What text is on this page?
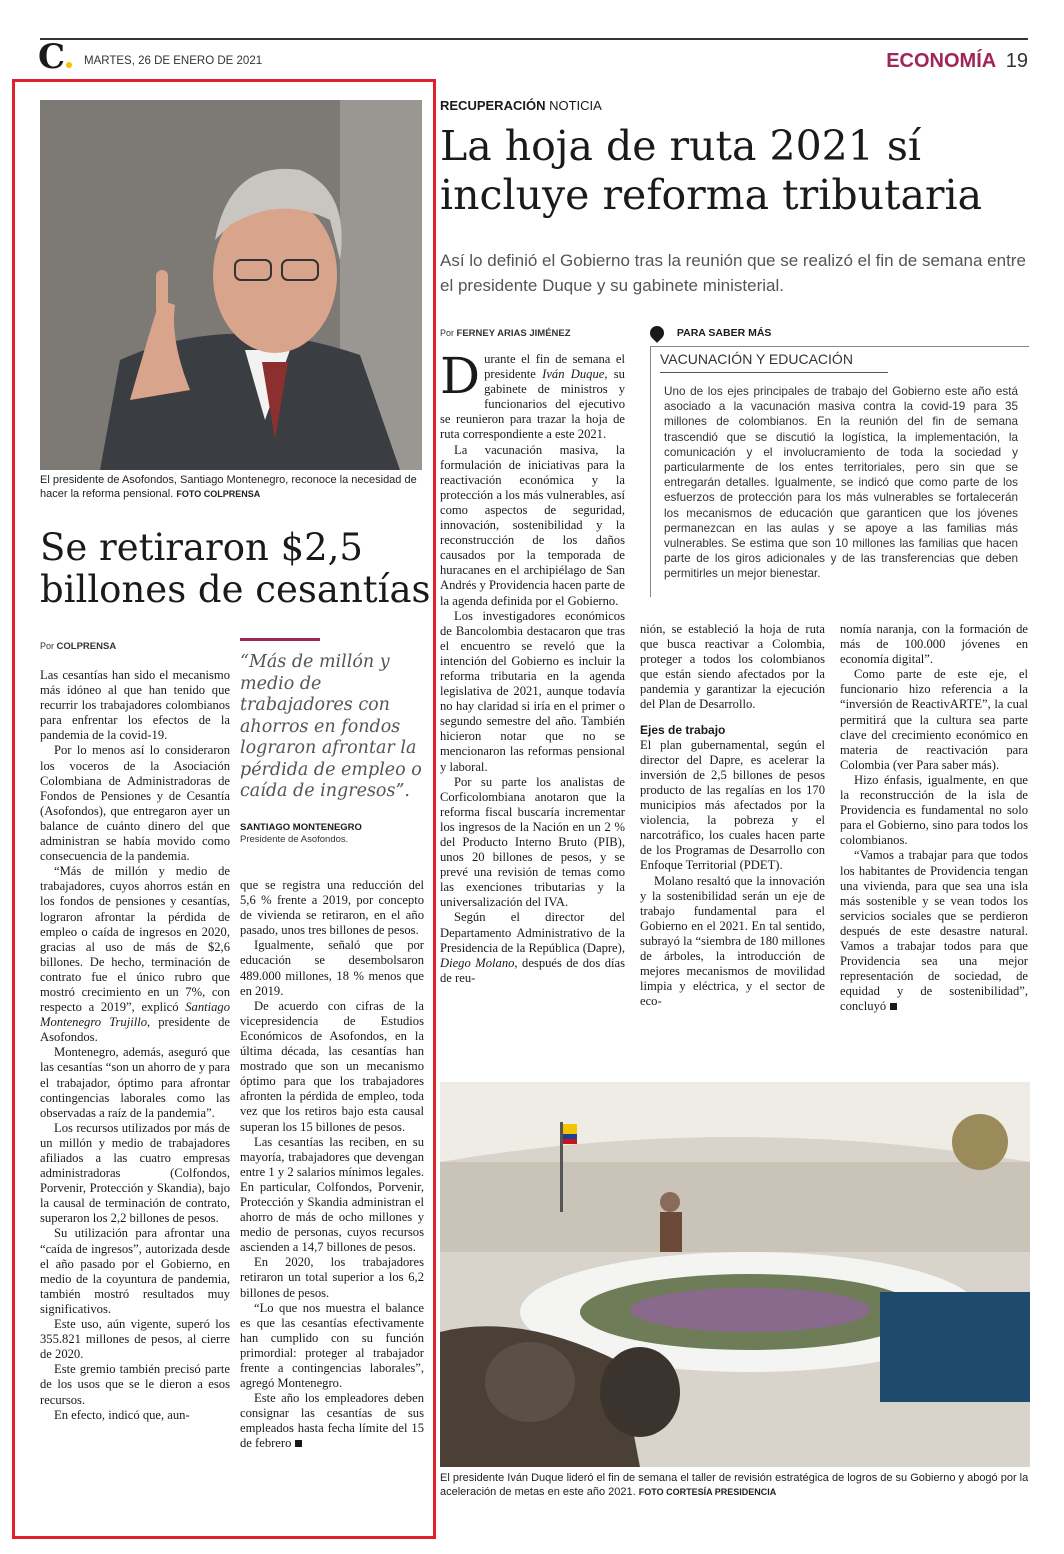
C	MARTES, 26 DE ENERO DE 2021	ECONOMÍA 19
El presidente de Asofondos, Santiago Montenegro, reconoce la necesidad de hacer la reforma pensional. FOTO COLPRENSA
Se retiraron $2,5 billones de cesantías
Por COLPRENSA

Las cesantías han sido el mecanismo más idóneo al que han tenido que recurrir los trabajadores colombianos para enfrentar los efectos de la pandemia de la covid-19.

Por lo menos así lo consideraron los voceros de la Asociación Colombiana de Administradoras de Fondos de Pensiones y de Cesantía (Asofondos), que entregaron ayer un balance de cuánto dinero del que administran se había movido como consecuencia de la pandemia.

“Más de millón y medio de trabajadores, cuyos ahorros están en los fondos de pensiones y cesantías, lograron afrontar la pérdida de empleo o caída de ingresos en 2020, gracias al uso de más de $2,6 billones. De hecho, terminación de contrato fue el único rubro que mostró crecimiento en un 7%, con respecto a 2019”, explicó Santiago Montenegro Trujillo, presidente de Asofondos.

Montenegro, además, aseguró que las cesantías “son un ahorro de y para el trabajador, óptimo para afrontar contingencias laborales como las observadas a raíz de la pandemia”.

Los recursos utilizados por más de un millón y medio de trabajadores afiliados a las cuatro empresas administradoras (Colfondos, Porvenir, Protección y Skandia), bajo la causal de terminación de contrato, superaron los 2,2 billones de pesos.

Su utilización para afrontar una “caída de ingresos”, autorizada desde el año pasado por el Gobierno, en medio de la coyuntura de pandemia, también mostró resultados muy significativos.

Este uso, aún vigente, superó los 355.821 millones de pesos, al cierre de 2020.

Este gremio también precisó parte de los usos que se le dieron a esos recursos.

En efecto, indicó que, aun-

“Más de millón y medio de trabajadores con ahorros en fondos lograron afrontar la pérdida de empleo o caída de ingresos”.
SANTIAGO MONTENEGRO
Presidente de Asofondos.

que se registra una reducción del 5,6 % frente a 2019, por concepto de vivienda se retiraron, en el año pasado, unos tres billones de pesos.

Igualmente, señaló que por educación se desembolsaron 489.000 millones, 18 % menos que en 2019.

De acuerdo con cifras de la vicepresidencia de Estudios Económicos de Asofondos, en la última década, las cesantías han mostrado que son un mecanismo óptimo para que los trabajadores afronten la pérdida de empleo, toda vez que los retiros bajo esta causal superan los 15 billones de pesos.

Las cesantías las reciben, en su mayoría, trabajadores que devengan entre 1 y 2 salarios mínimos legales. En particular, Colfondos, Porvenir, Protección y Skandia administran el ahorro de más de ocho millones y medio de personas, cuyos recursos ascienden a 14,7 billones de pesos.

En 2020, los trabajadores retiraron un total superior a los 6,2 billones de pesos.

“Lo que nos muestra el balance es que las cesantías efectivamente han cumplido con su función primordial: proteger al trabajador frente a contingencias laborales”, agregó Montenegro.

Este año los empleadores deben consignar las cesantías de sus empleados hasta fecha límite del 15 de febrero

RECUPERACIÓN NOTICIA
La hoja de ruta 2021 sí incluye reforma tributaria
Así lo definió el Gobierno tras la reunión que se realizó el fin de semana entre el presidente Duque y su gabinete ministerial.
Por FERNEY ARIAS JIMÉNEZ

Durante el fin de semana el presidente Iván Duque, su gabinete de ministros y funcionarios del ejecutivo se reunieron para trazar la hoja de ruta correspondiente a este 2021.

La vacunación masiva, la formulación de iniciativas para la reactivación económica y la protección a los más vulnerables, así como aspectos de seguridad, innovación, sostenibilidad y la reconstrucción de los daños causados por la temporada de huracanes en el archipiélago de San Andrés y Providencia hacen parte de la agenda definida por el Gobierno.

Los investigadores económicos de Bancolombia destacaron que tras el encuentro se reveló que la intención del Gobierno es incluir la reforma tributaria en la agenda legislativa de 2021, aunque todavía no hay claridad si iría en el primer o segundo semestre del año. También hicieron notar que no se mencionaron las reformas pensional y laboral.

Por su parte los analistas de Corficolombiana anotaron que la reforma fiscal buscaría incrementar los ingresos de la Nación en un 2 % del Producto Interno Bruto (PIB), unos 20 billones de pesos, y se prevé una revisión de temas como las exenciones tributarias y la universalización del IVA.

Según el director del Departamento Administrativo de la Presidencia de la República (Dapre), Diego Molano, después de dos días de reu-

PARA SABER MÁS
VACUNACIÓN Y EDUCACIÓN
Uno de los ejes principales de trabajo del Gobierno este año está asociado a la vacunación masiva contra la covid-19 para 35 millones de colombianos. En la reunión del fin de semana trascendió que se discutió la logística, la implementación, la comunicación y el involucramiento de toda la sociedad y particularmente de los entes territoriales, pero sin que se entregarán detalles. Igualmente, se indicó que como parte de los esfuerzos de protección para los más vulnerables se fortalecerán los mecanismos de educación que garanticen que los jóvenes permanezcan en las aulas y se apoye a las familias más vulnerables. Se estima que son 10 millones las familias que hacen parte de los giros adicionales y de las transferencias que deben permitirles un mejor bienestar.

nión, se estableció la hoja de ruta que busca reactivar a Colombia, proteger a todos los colombianos que están siendo afectados por la pandemia y garantizar la ejecución del Plan de Desarrollo.

Ejes de trabajo

El plan gubernamental, según el director del Dapre, es acelerar la inversión de 2,5 billones de pesos producto de las regalías en los 170 municipios más afectados por la violencia, la pobreza y el narcotráfico, los cuales hacen parte de los Programas de Desarrollo con Enfoque Territorial (PDET).

Molano resaltó que la innovación y la sostenibilidad serán un eje de trabajo fundamental para el Gobierno en el 2021. En tal sentido, subrayó la “siembra de 180 millones de árboles, la introducción de mejores mecanismos de movilidad limpia y eléctrica, y el sector de eco-

nomía naranja, con la formación de más de 100.000 jóvenes en economía digital”.

Como parte de este eje, el funcionario hizo referencia a la “inversión de ReactivARTE”, la cual permitirá que la cultura sea parte clave del crecimiento económico en materia de reactivación para Colombia (ver Para saber más).

Hizo énfasis, igualmente, en que la reconstrucción de la isla de Providencia es fundamental no solo para el Gobierno, sino para todos los colombianos.

“Vamos a trabajar para que todos los habitantes de Providencia tengan una vivienda, para que sea una isla más sostenible y se vean todos los servicios sociales que se perdieron después de este desastre natural. Vamos a trabajar todos para que Providencia sea una mejor representación de sociedad, de equidad y de sostenibilidad”, concluyó

El presidente Iván Duque lideró el fin de semana el taller de revisión estratégica de logros de su Gobierno y abogó por la aceleración de metas en este año 2021. FOTO CORTESÍA PRESIDENCIA
